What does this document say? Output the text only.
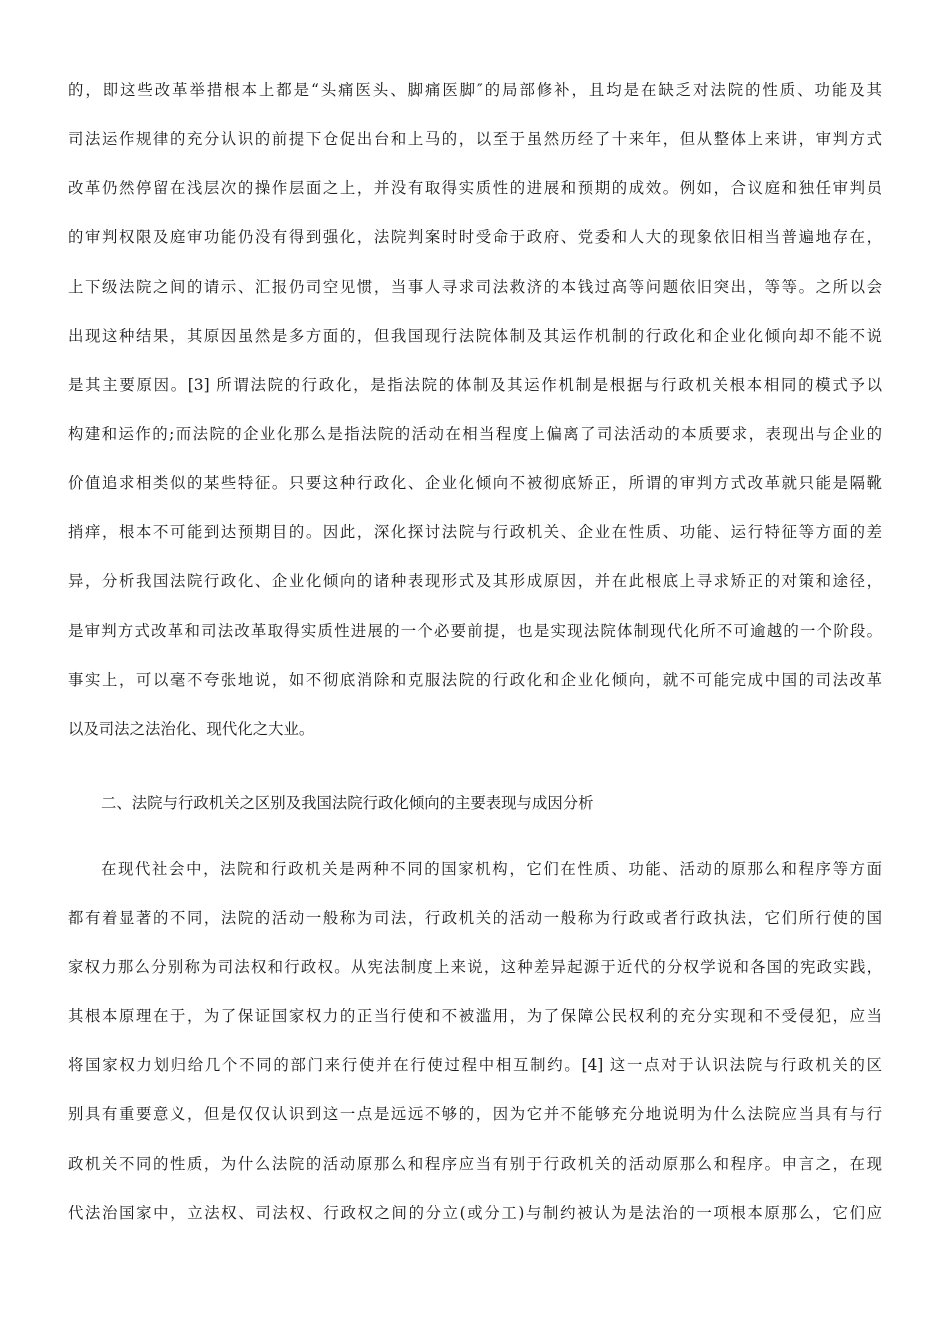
的，即这些改革举措根本上都是“头痛医头、脚痛医脚″的局部修补，且均是在缺乏对法院的性质、功能及其
司法运作规律的充分认识的前提下仓促出台和上马的，以至于虽然历经了十来年，但从整体上来讲，审判方式
改革仍然停留在浅层次的操作层面之上，并没有取得实质性的进展和预期的成效。例如，合议庭和独任审判员
的审判权限及庭审功能仍没有得到强化，法院判案时时受命于政府、党委和人大的现象依旧相当普遍地存在，
上下级法院之间的请示、汇报仍司空见惯，当事人寻求司法救济的本钱过高等问题依旧突出，等等。之所以会
出现这种结果，其原因虽然是多方面的，但我国现行法院体制及其运作机制的行政化和企业化倾向却不能不说
是其主要原因。[3] 所谓法院的行政化，是指法院的体制及其运作机制是根据与行政机关根本相同的模式予以
构建和运作的;而法院的企业化那么是指法院的活动在相当程度上偏离了司法活动的本质要求，表现出与企业的
价值追求相类似的某些特征。只要这种行政化、企业化倾向不被彻底矫正，所谓的审判方式改革就只能是隔靴
捎痒，根本不可能到达预期目的。因此，深化探讨法院与行政机关、企业在性质、功能、运行特征等方面的差
异，分析我国法院行政化、企业化倾向的诸种表现形式及其形成原因，并在此根底上寻求矫正的对策和途径，
是审判方式改革和司法改革取得实质性进展的一个必要前提，也是实现法院体制现代化所不可逾越的一个阶段。
事实上，可以毫不夸张地说，如不彻底消除和克服法院的行政化和企业化倾向，就不可能完成中国的司法改革
以及司法之法治化、现代化之大业。
二、法院与行政机关之区别及我国法院行政化倾向的主要表现与成因分析
在现代社会中，法院和行政机关是两种不同的国家机构，它们在性质、功能、活动的原那么和程序等方面
都有着显著的不同，法院的活动一般称为司法，行政机关的活动一般称为行政或者行政执法，它们所行使的国
家权力那么分别称为司法权和行政权。从宪法制度上来说，这种差异起源于近代的分权学说和各国的宪政实践，
其根本原理在于，为了保证国家权力的正当行使和不被滥用，为了保障公民权利的充分实现和不受侵犯，应当
将国家权力划归给几个不同的部门来行使并在行使过程中相互制约。[4] 这一点对于认识法院与行政机关的区
别具有重要意义，但是仅仅认识到这一点是远远不够的，因为它并不能够充分地说明为什么法院应当具有与行
政机关不同的性质，为什么法院的活动原那么和程序应当有别于行政机关的活动原那么和程序。申言之，在现
代法治国家中，立法权、司法权、行政权之间的分立(或分工)与制约被认为是法治的一项根本原那么，它们应
